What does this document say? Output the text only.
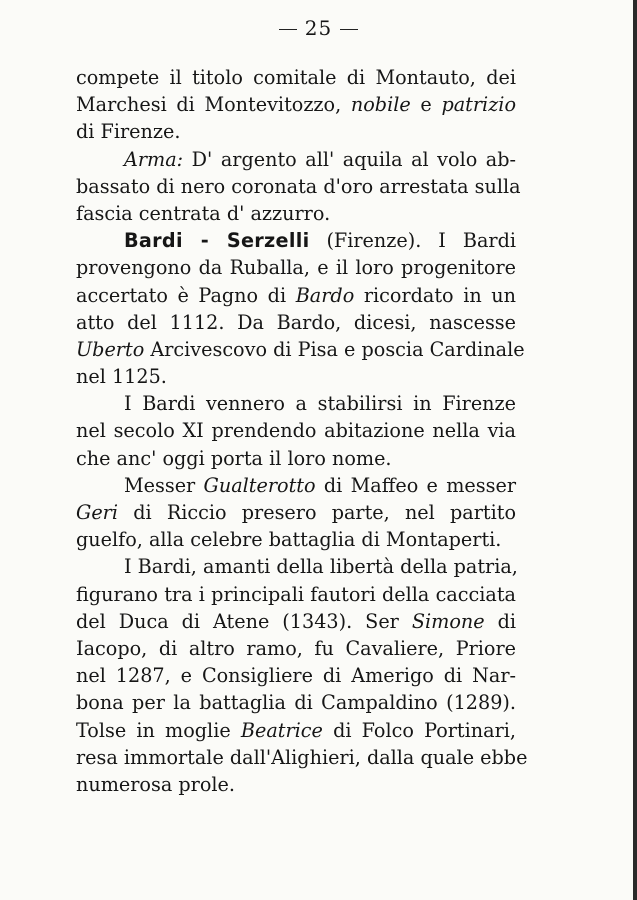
25
compete il titolo comitale di Montauto, dei
Marchesi di Montevitozzo, nobile e patrizio
di Firenze.
Arma: D' argento all' aquila al volo ab-
bassato di nero coronata d'oro arrestata sulla
fascia centrata d' azzurro.
Bardi - Serzelli (Firenze). I Bardi
provengono da Ruballa, e il loro progenitore
accertato è Pagno di Bardo ricordato in un
atto del 1112. Da Bardo, dicesi, nascesse
Uberto Arcivescovo di Pisa e poscia Cardinale
nel 1125.
I Bardi vennero a stabilirsi in Firenze
nel secolo XI prendendo abitazione nella via
che anc' oggi porta il loro nome.
Messer Gualterotto di Maffeo e messer
Geri di Riccio presero parte, nel partito
guelfo, alla celebre battaglia di Montaperti.
I Bardi, amanti della libertà della patria,
figurano tra i principali fautori della cacciata
del Duca di Atene (1343). Ser Simone di
Iacopo, di altro ramo, fu Cavaliere, Priore
nel 1287, e Consigliere di Amerigo di Nar-
bona per la battaglia di Campaldino (1289).
Tolse in moglie Beatrice di Folco Portinari,
resa immortale dall'Alighieri, dalla quale ebbe
numerosa prole.
